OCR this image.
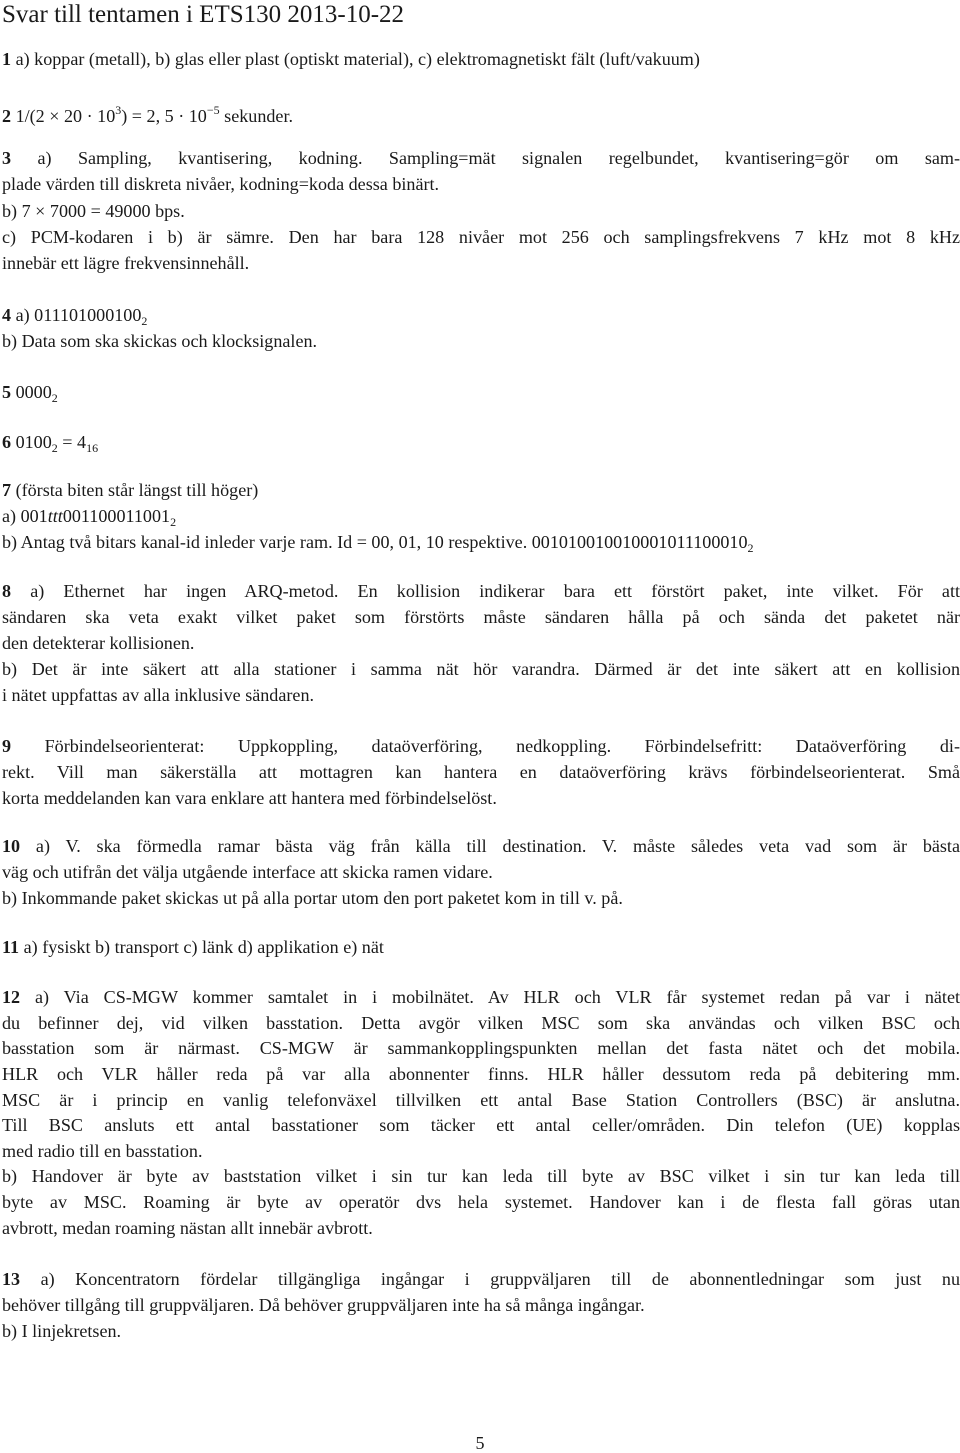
Svar till tentamen i ETS130 2013-10-22
1 a) koppar (metall), b) glas eller plast (optiskt material), c) elektromagnetiskt fält (luft/vakuum)
2 $1/(2 \times 20 \cdot 10^3) = 2$, $5 \cdot 10^{-5}$ sekunder.
3 a) Sampling, kvantisering, kodning. Sampling=mät signalen regelbundet, kvantisering=gör om sam-
plade värden till diskreta nivåer, kodning=koda dessa binärt.
b) 7 × 7000 = 49000 bps.
c) PCM-kodaren i b) är sämre. Den har bara 128 nivåer mot 256 och samplingsfrekvens 7 kHz mot 8 kHz
innebär ett lägre frekvensinnehåll.
4 a) $011101000100_2$
b) Data som ska skickas och klocksignalen.
5 $0000_2$
6 $0100_2 = 4_{16}$
7 (första biten står längst till höger)
a) $001ttt001100011001_2$
b) Antag två bitars kanal-id inleder varje ram. Id = 00, 01, 10 respektive. $001010010010001011100010_2$
8 a) Ethernet har ingen ARQ-metod. En kollision indikerar bara ett förstört paket, inte vilket. För att
sändaren ska veta exakt vilket paket som förstörts måste sändaren hålla på och sända det paketet när
den detekterar kollisionen.
b) Det är inte säkert att alla stationer i samma nät hör varandra. Därmed är det inte säkert att en kollision
i nätet uppfattas av alla inklusive sändaren.
9 Förbindelseorienterat: Uppkoppling, dataöverföring, nedkoppling. Förbindelsefritt: Dataöverföring di-
rekt. Vill man säkerställa att mottagren kan hantera en dataöverföring krävs förbindelseorienterat. Små
korta meddelanden kan vara enklare att hantera med förbindelselöst.
10 a) V. ska förmedla ramar bästa väg från källa till destination. V. måste således veta vad som är bästa
väg och utifrån det välja utgående interface att skicka ramen vidare.
b) Inkommande paket skickas ut på alla portar utom den port paketet kom in till v. på.
11 a) fysiskt b) transport c) länk d) applikation e) nät
12 a) Via CS-MGW kommer samtalet in i mobilnätet. Av HLR och VLR får systemet redan på var i nätet
du befinner dej, vid vilken basstation. Detta avgör vilken MSC som ska användas och vilken BSC och
basstation som är närmast. CS-MGW är sammankopplingspunkten mellan det fasta nätet och det mobila.
HLR och VLR håller reda på var alla abonnenter finns. HLR håller dessutom reda på debitering mm.
MSC är i princip en vanlig telefonväxel tillvilken ett antal Base Station Controllers (BSC) är anslutna.
Till BSC ansluts ett antal basstationer som täcker ett antal celler/områden. Din telefon (UE) kopplas
med radio till en basstation.
b) Handover är byte av baststation vilket i sin tur kan leda till byte av BSC vilket i sin tur kan leda till
byte av MSC. Roaming är byte av operatör dvs hela systemet. Handover kan i de flesta fall göras utan
avbrott, medan roaming nästan allt innebär avbrott.
13 a) Koncentratorn fördelar tillgängliga ingångar i gruppväljaren till de abonnentledningar som just nu
behöver tillgång till gruppväljaren. Då behöver gruppväljaren inte ha så många ingångar.
b) I linjekretsen.
5
